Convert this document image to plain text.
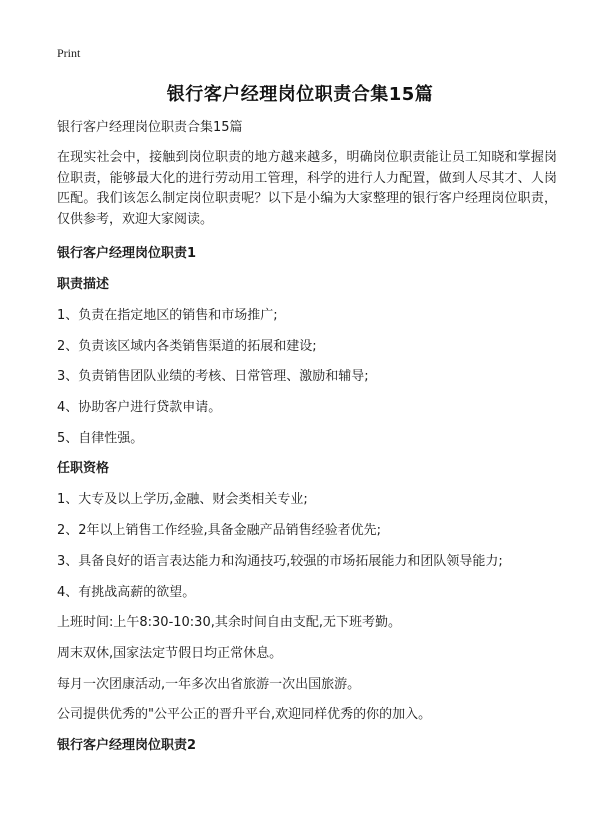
Print
银行客户经理岗位职责合集15篇

银行客户经理岗位职责合集15篇

在现实社会中，接触到岗位职责的地方越来越多，明确岗位职责能让员工知晓和掌握岗位职责，能够最大化的进行劳动用工管理，科学的进行人力配置，做到人尽其才、人岗匹配。我们该怎么制定岗位职责呢？以下是小编为大家整理的银行客户经理岗位职责，仅供参考，欢迎大家阅读。

银行客户经理岗位职责1

职责描述

1、负责在指定地区的销售和市场推广;

2、负责该区域内各类销售渠道的拓展和建设;

3、负责销售团队业绩的考核、日常管理、激励和辅导;

4、协助客户进行贷款申请。

5、自律性强。

任职资格

1、大专及以上学历,金融、财会类相关专业;

2、2年以上销售工作经验,具备金融产品销售经验者优先;

3、具备良好的语言表达能力和沟通技巧,较强的市场拓展能力和团队领导能力;

4、有挑战高薪的欲望。

上班时间:上午8:30-10:30,其余时间自由支配,无下班考勤。

周末双休,国家法定节假日均正常休息。

每月一次团康活动,一年多次出省旅游一次出国旅游。

公司提供优秀的"公平公正的晋升平台,欢迎同样优秀的你的加入。

银行客户经理岗位职责2
